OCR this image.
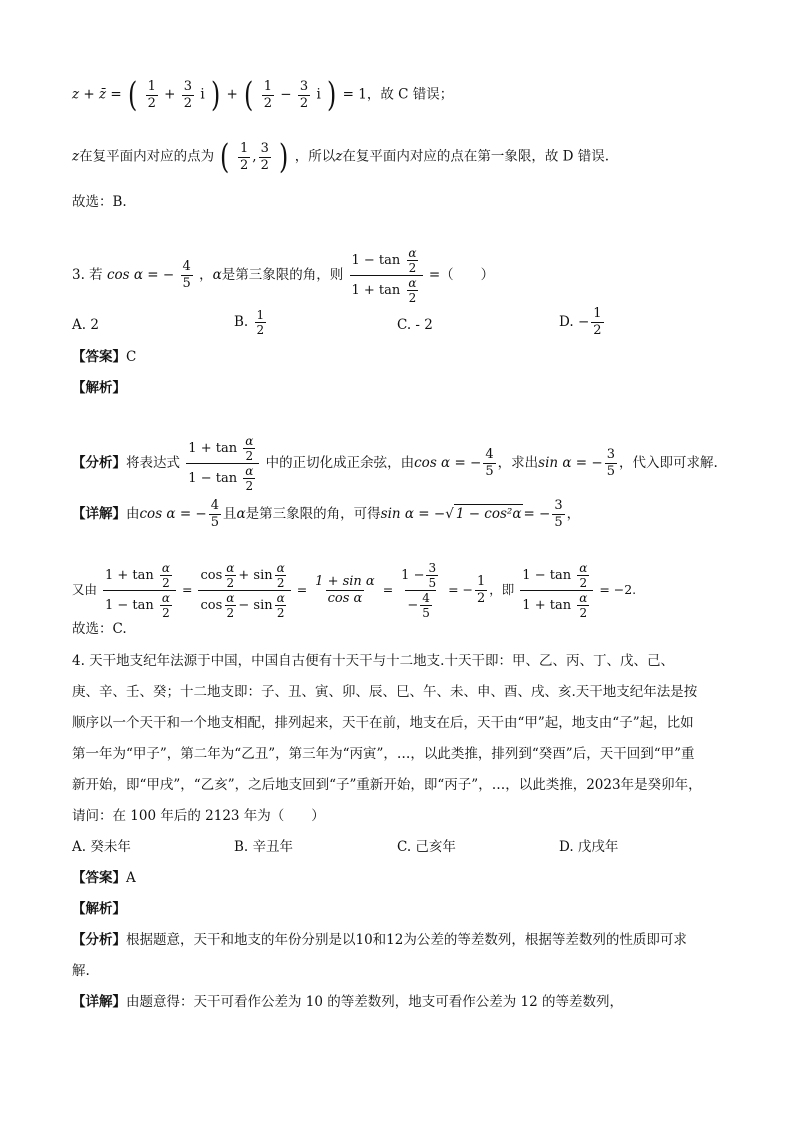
z + z̄ = ( $\frac{1}{2} + \frac{3}{2}$ i ) + ( $\frac{1}{2} - \frac{3}{2}$ i ) = 1，故 C 错误；
z在复平面内对应的点为 ( $\frac{1}{2}$ , $\frac{3}{2}$ ) ，所以z在复平面内对应的点在第一象限，故 D 错误.
故选：B.
3. 若 cos α = − $\frac{4}{5}$ ，α是第三象限的角，则 $\frac{1 - \tan \frac{\alpha}{2}}{1 + \tan \frac{\alpha}{2}}$ =（　　）
A. 2	B. $\frac{1}{2}$	C. - 2	D. − $\frac{1}{2}$
【答案】C
【解析】
【分析】将表达式 $\frac{1 + \tan \frac{\alpha}{2}}{1 - \tan \frac{\alpha}{2}}$ 中的正切化成正余弦，由cos α = − $\frac{4}{5}$ ，求出sin α = − $\frac{3}{5}$ ，代入即可求解.
【详解】由cos α = − $\frac{4}{5}$ 且α是第三象限的角，可得sin α = −√ 1 − cos²α = − $\frac{3}{5}$ ，
又由 $\frac{1 + \tan \frac{\alpha}{2}}{1 - \tan \frac{\alpha}{2}} = \frac{\cos \frac{\alpha}{2} + \sin \frac{\alpha}{2}}{\cos \frac{\alpha}{2} - \sin \frac{\alpha}{2}} = \frac{\text{1 + sin α}}{\text{cos α}} = \frac{1 - \frac{3}{5}}{- \frac{4}{5}}$ = − $\frac{1}{2}$ ，即 $\frac{1 - \tan \frac{\alpha}{2}}{1 + \tan \frac{\alpha}{2}} = -2$.
故选：C.
4. 天干地支纪年法源于中国，中国自古便有十天干与十二地支.十天干即：甲、乙、丙、丁、戊、己、
庚、辛、壬、癸；十二地支即：子、丑、寅、卯、辰、巳、午、未、申、酉、戌、亥.天干地支纪年法是按
顺序以一个天干和一个地支相配，排列起来，天干在前，地支在后，天干由“甲”起，地支由“子”起，比如
第一年为“甲子”，第二年为“乙丑”，第三年为“丙寅”，…，以此类推，排列到“癸酉”后，天干回到“甲”重
新开始，即“甲戌”，“乙亥”，之后地支回到“子”重新开始，即“丙子”，…，以此类推，2023年是癸卯年，
请问：在 100 年后的 2123 年为（　　）
A. 癸未年	B. 辛丑年	C. 己亥年	D. 戊戌年
【答案】A
【解析】
【分析】根据题意，天干和地支的年份分别是以10和12为公差的等差数列，根据等差数列的性质即可求
解.
【详解】由题意得：天干可看作公差为 10 的等差数列，地支可看作公差为 12 的等差数列，
